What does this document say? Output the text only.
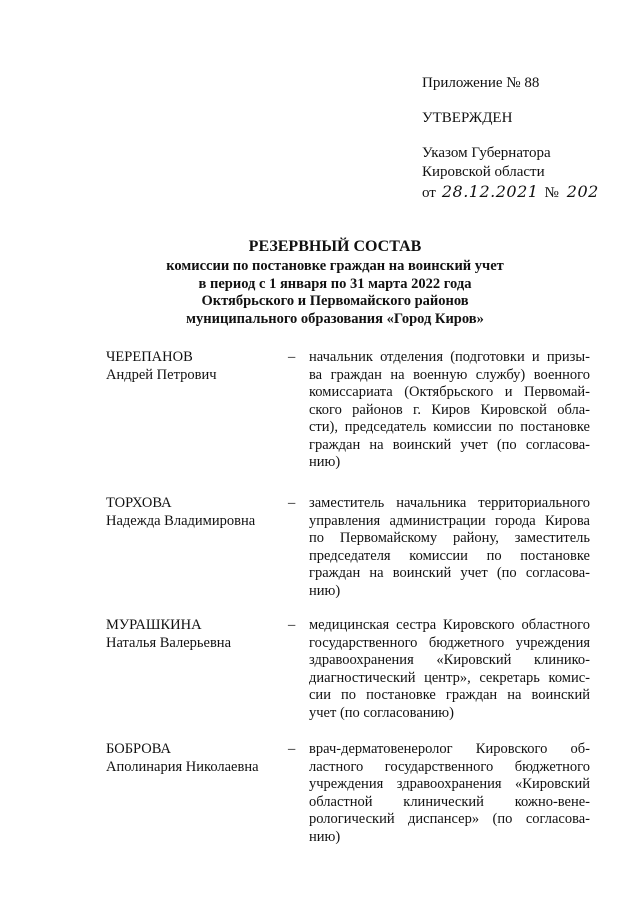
Приложение № 88
УТВЕРЖДЕН
Указом Губернатора
Кировской области
от 28.12.2021 № 202
РЕЗЕРВНЫЙ СОСТАВ
комиссии по постановке граждан на воинский учет
в период с 1 января по 31 марта 2022 года
Октябрьского и Первомайского районов
муниципального образования «Город Киров»
ЧЕРЕПАНОВ
Андрей Петрович
– начальник отделения (подготовки и призы-
ва граждан на военную службу) военного
комиссариата (Октябрьского и Первомай-
ского районов г. Киров Кировской обла-
сти), председатель комиссии по постановке
граждан на воинский учет (по согласова-
нию)
ТОРХОВА
Надежда Владимировна
– заместитель начальника территориального
управления администрации города Кирова
по Первомайскому району, заместитель
председателя комиссии по постановке
граждан на воинский учет (по согласова-
нию)
МУРАШКИНА
Наталья Валерьевна
– медицинская сестра Кировского областного
государственного бюджетного учреждения
здравоохранения «Кировский клинико-
диагностический центр», секретарь комис-
сии по постановке граждан на воинский
учет (по согласованию)
БОБРОВА
Аполинария Николаевна
– врач-дерматовенеролог Кировского об-
ластного государственного бюджетного
учреждения здравоохранения «Кировский
областной клинический кожно-вене-
рологический диспансер» (по согласова-
нию)
